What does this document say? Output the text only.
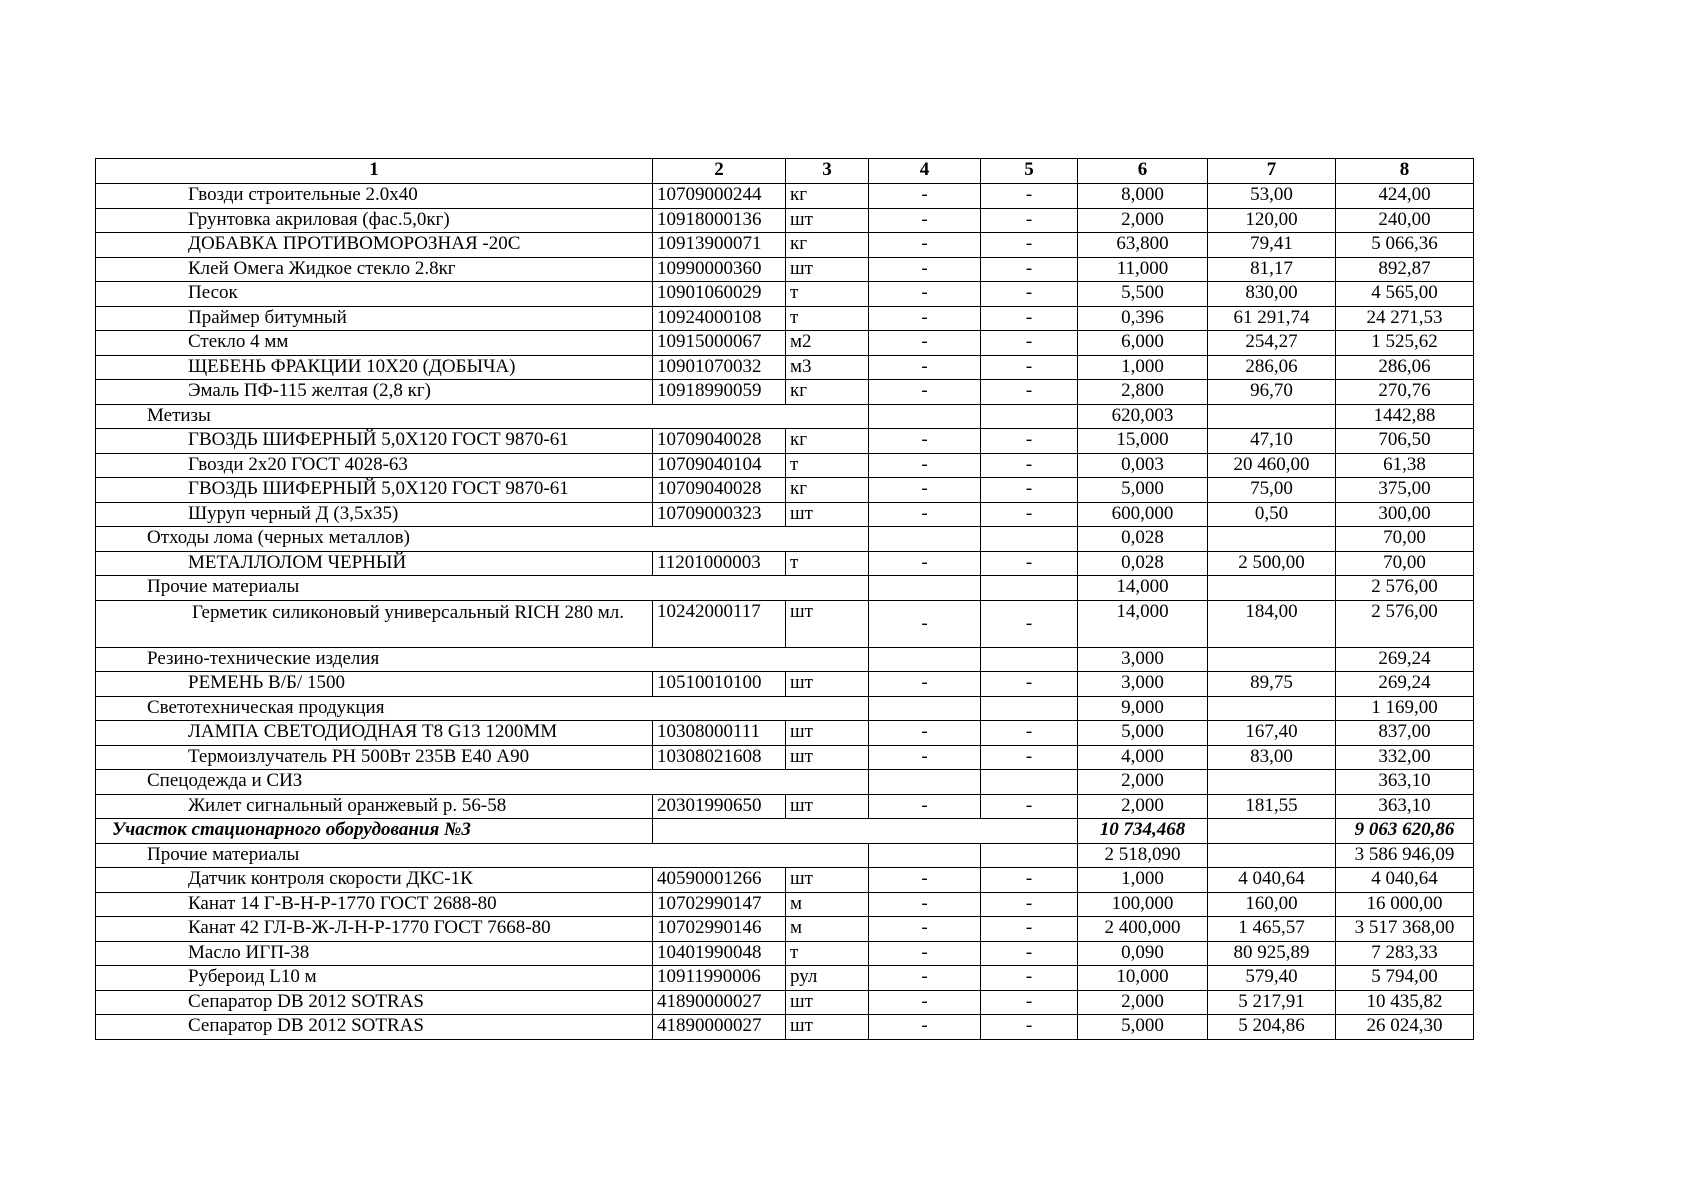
1	2	3	4	5	6	7	8
Гвозди строительные 2.0х40	10709000244	кг	-	-	8,000	53,00	424,00
Грунтовка акриловая (фас.5,0кг)	10918000136	шт	-	-	2,000	120,00	240,00
ДОБАВКА ПРОТИВОМОРОЗНАЯ -20С	10913900071	кг	-	-	63,800	79,41	5 066,36
Клей Омега Жидкое стекло 2.8кг	10990000360	шт	-	-	11,000	81,17	892,87
Песок	10901060029	т	-	-	5,500	830,00	4 565,00
Праймер битумный	10924000108	т	-	-	0,396	61 291,74	24 271,53
Стекло 4 мм	10915000067	м2	-	-	6,000	254,27	1 525,62
ЩЕБЕНЬ ФРАКЦИИ 10Х20 (ДОБЫЧА)	10901070032	м3	-	-	1,000	286,06	286,06
Эмаль ПФ-115 желтая (2,8 кг)	10918990059	кг	-	-	2,800	96,70	270,76
Метизы					620,003		1442,88
ГВОЗДЬ ШИФЕРНЫЙ 5,0Х120 ГОСТ 9870-61	10709040028	кг	-	-	15,000	47,10	706,50
Гвозди 2х20 ГОСТ 4028-63	10709040104	т	-	-	0,003	20 460,00	61,38
ГВОЗДЬ ШИФЕРНЫЙ 5,0Х120 ГОСТ 9870-61	10709040028	кг	-	-	5,000	75,00	375,00
Шуруп черный Д (3,5х35)	10709000323	шт	-	-	600,000	0,50	300,00
Отходы лома (черных металлов)					0,028		70,00
МЕТАЛЛОЛОМ ЧЕРНЫЙ	11201000003	т	-	-	0,028	2 500,00	70,00
Прочие материалы					14,000		2 576,00
Герметик силиконовый универсальный RICH 280 мл.	10242000117	шт	-	-	14,000	184,00	2 576,00
Резино-технические изделия					3,000		269,24
РЕМЕНЬ В/Б/ 1500	10510010100	шт	-	-	3,000	89,75	269,24
Светотехническая продукция					9,000		1 169,00
ЛАМПА СВЕТОДИОДНАЯ T8 G13 1200MM	10308000111	шт	-	-	5,000	167,40	837,00
Термоизлучатель РН 500Вт 235В Е40 А90	10308021608	шт	-	-	4,000	83,00	332,00
Спецодежда и СИЗ					2,000		363,10
Жилет сигнальный оранжевый р. 56-58	20301990650	шт	-	-	2,000	181,55	363,10
Участок стационарного оборудования №3					10 734,468		9 063 620,86
Прочие материалы					2 518,090		3 586 946,09
Датчик контроля скорости ДКС-1К	40590001266	шт	-	-	1,000	4 040,64	4 040,64
Канат 14 Г-В-Н-Р-1770 ГОСТ 2688-80	10702990147	м	-	-	100,000	160,00	16 000,00
Канат 42 ГЛ-В-Ж-Л-Н-Р-1770 ГОСТ 7668-80	10702990146	м	-	-	2 400,000	1 465,57	3 517 368,00
Масло ИГП-38	10401990048	т	-	-	0,090	80 925,89	7 283,33
Рубероид L10 м	10911990006	рул	-	-	10,000	579,40	5 794,00
Сепаратор DB 2012 SOTRAS	41890000027	шт	-	-	2,000	5 217,91	10 435,82
Сепаратор DB 2012 SOTRAS	41890000027	шт	-	-	5,000	5 204,86	26 024,30
